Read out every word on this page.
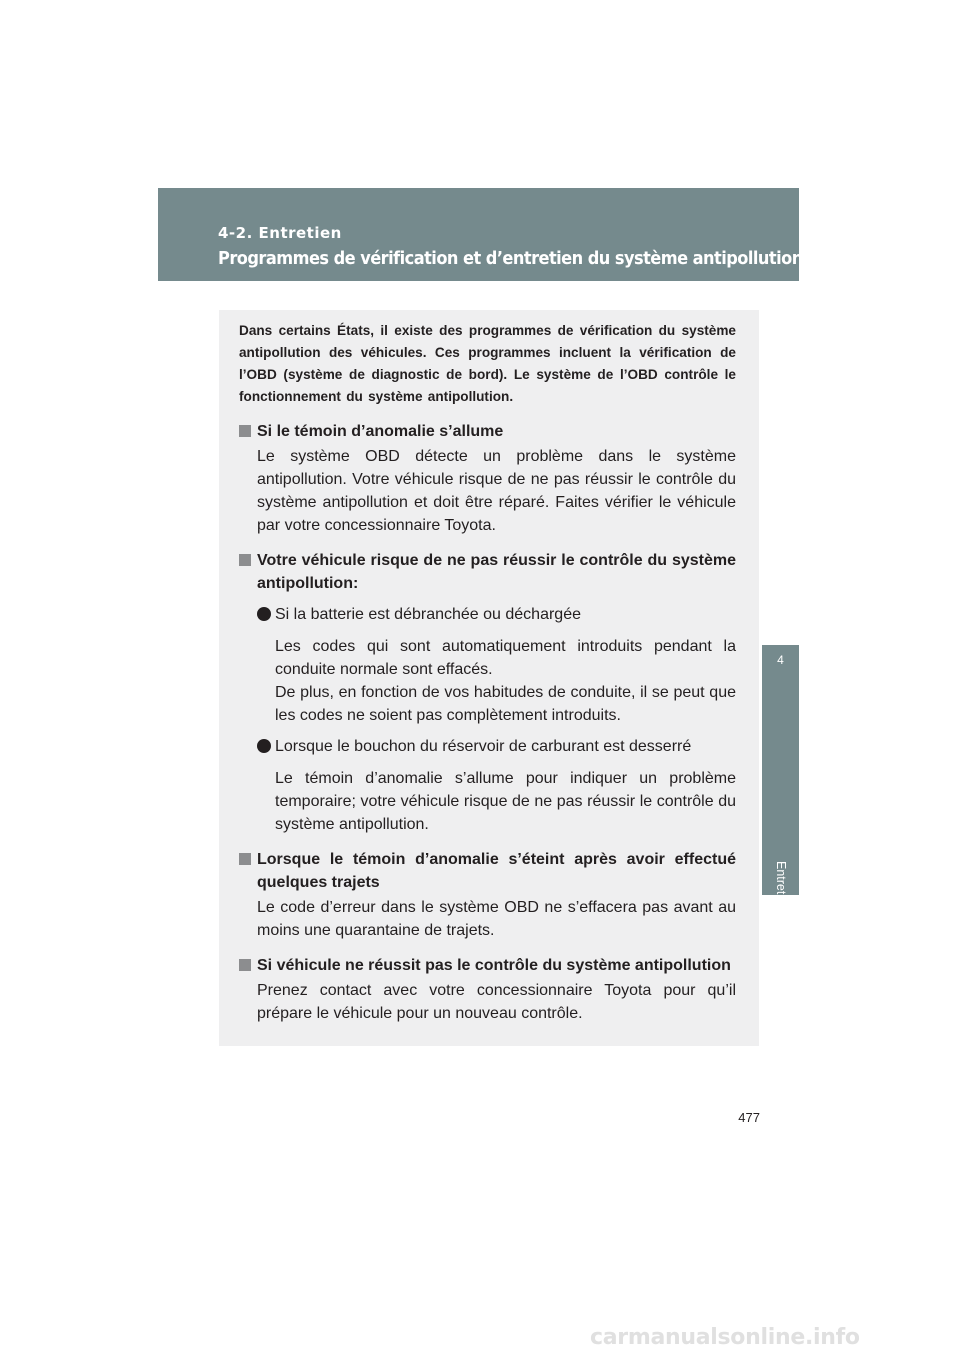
4-2. Entretien
Programmes de vérification et d’entretien du système antipollution
4
Entretien et nettoyage

Dans certains États, il existe des programmes de vérification du système antipollution des véhicules. Ces programmes incluent la vérification de l’OBD (système de diagnostic de bord). Le système de l’OBD contrôle le fonctionnement du système antipollution.

Si le témoin d’anomalie s’allume

Le système OBD détecte un problème dans le système antipollution. Votre véhicule risque de ne pas réussir le contrôle du système antipollution et doit être réparé. Faites vérifier le véhicule par votre concessionnaire Toyota.

Votre véhicule risque de ne pas réussir le contrôle du système antipollution:

Si la batterie est débranchée ou déchargée

Les codes qui sont automatiquement introduits pendant la conduite normale sont effacés.

De plus, en fonction de vos habitudes de conduite, il se peut que les codes ne soient pas complètement introduits.

Lorsque le bouchon du réservoir de carburant est desserré

Le témoin d’anomalie s’allume pour indiquer un problème temporaire; votre véhicule risque de ne pas réussir le contrôle du système antipollution.

Lorsque le témoin d’anomalie s’éteint après avoir effectué quelques trajets

Le code d’erreur dans le système OBD ne s’effacera pas avant au moins une quarantaine de trajets.

Si véhicule ne réussit pas le contrôle du système antipollution

Prenez contact avec votre concessionnaire Toyota pour qu’il prépare le véhicule pour un nouveau contrôle.

477
carmanualsonline.info
